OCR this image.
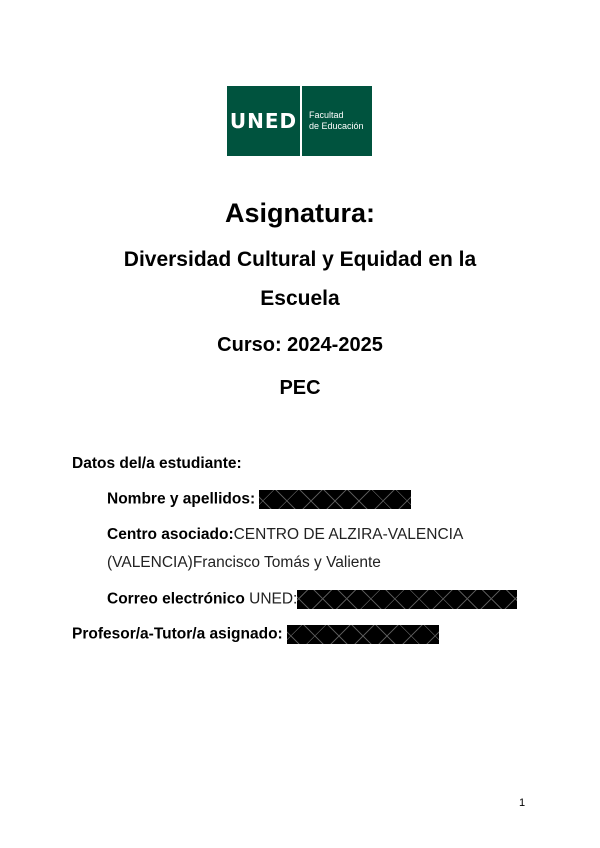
UNED Facultad
de Educación
Asignatura:
Diversidad Cultural y Equidad en la
Escuela
Curso: 2024-2025
PEC
Datos del/a estudiante:
Nombre y apellidos:
Centro asociado:CENTRO DE ALZIRA-VALENCIA
(VALENCIA)Francisco Tomás y Valiente
Correo electrónico UNED:
Profesor/a-Tutor/a asignado:
1
